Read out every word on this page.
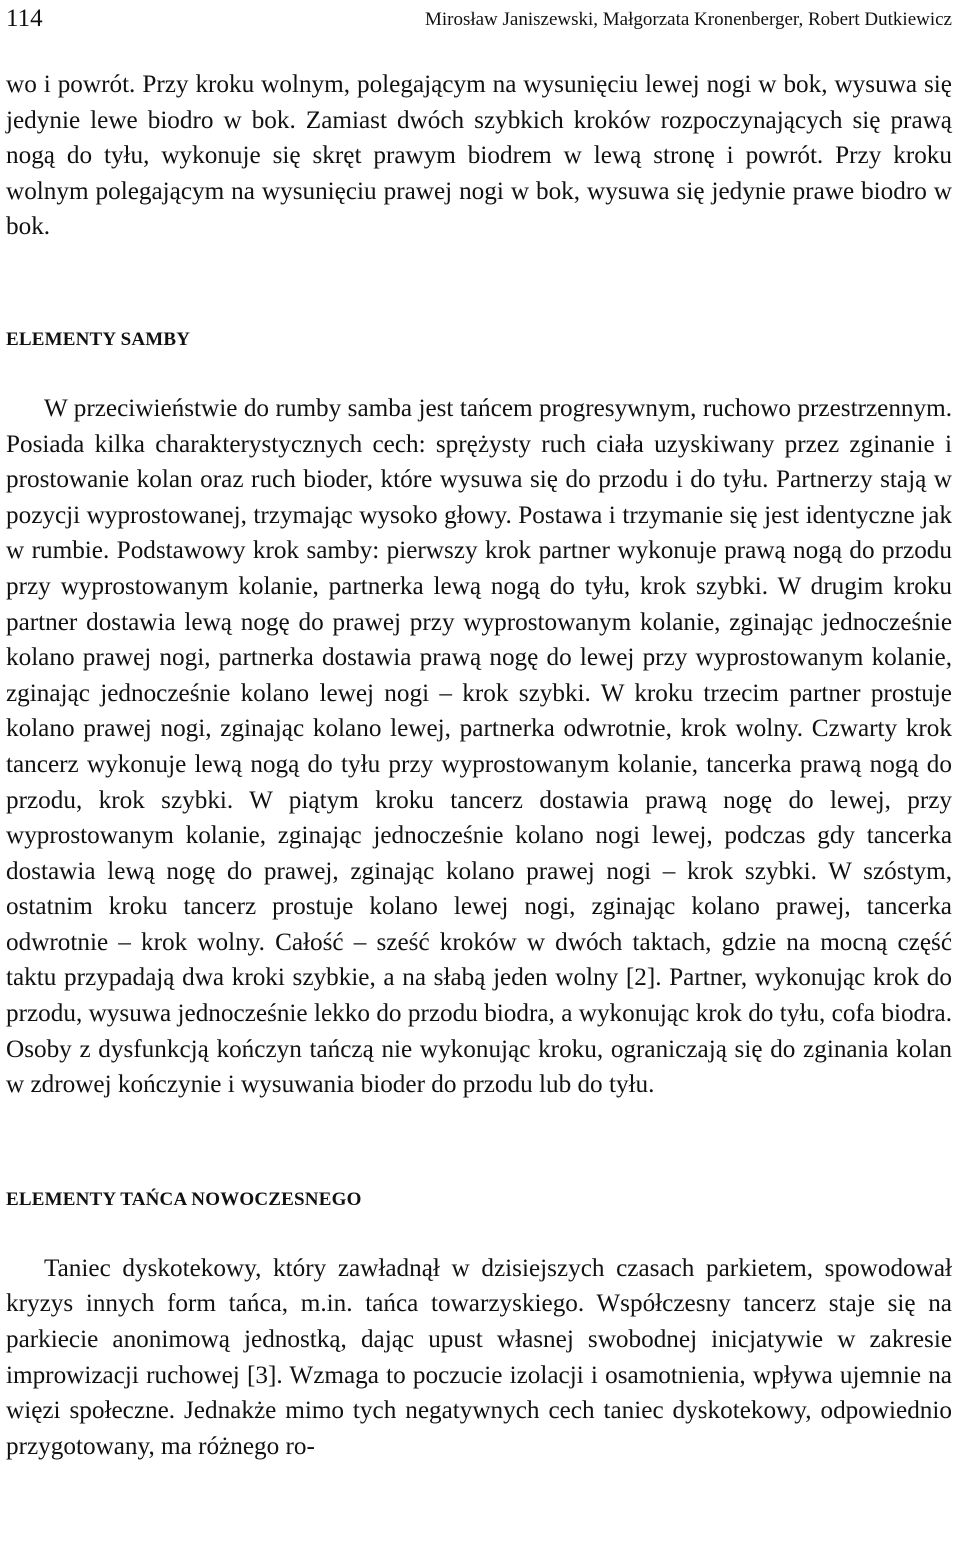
114	Mirosław Janiszewski, Małgorzata Kronenberger, Robert Dutkiewicz

wo i powrót. Przy kroku wolnym, polegającym na wysunięciu lewej nogi w bok, wysuwa się jedynie lewe biodro w bok. Zamiast dwóch szybkich kroków rozpoczynających się prawą nogą do tyłu, wykonuje się skręt prawym biodrem w lewą stronę i powrót. Przy kroku wolnym polegającym na wysunięciu prawej nogi w bok, wysuwa się jedynie prawe biodro w bok.

ELEMENTY SAMBY

W przeciwieństwie do rumby samba jest tańcem progresywnym, ruchowo przestrzennym. Posiada kilka charakterystycznych cech: sprężysty ruch ciała uzyskiwany przez zginanie i prostowanie kolan oraz ruch bioder, które wysuwa się do przodu i do tyłu. Partnerzy stają w pozycji wyprostowanej, trzymając wysoko głowy. Postawa i trzymanie się jest identyczne jak w rumbie. Podstawowy krok samby: pierwszy krok partner wykonuje prawą nogą do przodu przy wyprostowanym kolanie, partnerka lewą nogą do tyłu, krok szybki. W drugim kroku partner dostawia lewą nogę do prawej przy wyprostowanym kolanie, zginając jednocześnie kolano prawej nogi, partnerka dostawia prawą nogę do lewej przy wyprostowanym kolanie, zginając jednocześnie kolano lewej nogi – krok szybki. W kroku trzecim partner prostuje kolano prawej nogi, zginając kolano lewej, partnerka odwrotnie, krok wolny. Czwarty krok tancerz wykonuje lewą nogą do tyłu przy wyprostowanym kolanie, tancerka prawą nogą do przodu, krok szybki. W piątym kroku tancerz dostawia prawą nogę do lewej, przy wyprostowanym kolanie, zginając jednocześnie kolano nogi lewej, podczas gdy tancerka dostawia lewą nogę do prawej, zginając kolano prawej nogi – krok szybki. W szóstym, ostatnim kroku tancerz prostuje kolano lewej nogi, zginając kolano prawej, tancerka odwrotnie – krok wolny. Całość – sześć kroków w dwóch taktach, gdzie na mocną część taktu przypadają dwa kroki szybkie, a na słabą jeden wolny [2]. Partner, wykonując krok do przodu, wysuwa jednocześnie lekko do przodu biodra, a wykonując krok do tyłu, cofa biodra. Osoby z dysfunkcją kończyn tańczą nie wykonując kroku, ograniczają się do zginania kolan w zdrowej kończynie i wysuwania bioder do przodu lub do tyłu.

ELEMENTY TAŃCA NOWOCZESNEGO

Taniec dyskotekowy, który zawładnął w dzisiejszych czasach parkietem, spowodował kryzys innych form tańca, m.in. tańca towarzyskiego. Współczesny tancerz staje się na parkiecie anonimową jednostką, dając upust własnej swobodnej inicjatywie w zakresie improwizacji ruchowej [3]. Wzmaga to poczucie izolacji i osamotnienia, wpływa ujemnie na więzi społeczne. Jednakże mimo tych negatywnych cech taniec dyskotekowy, odpowiednio przygotowany, ma różnego ro-
